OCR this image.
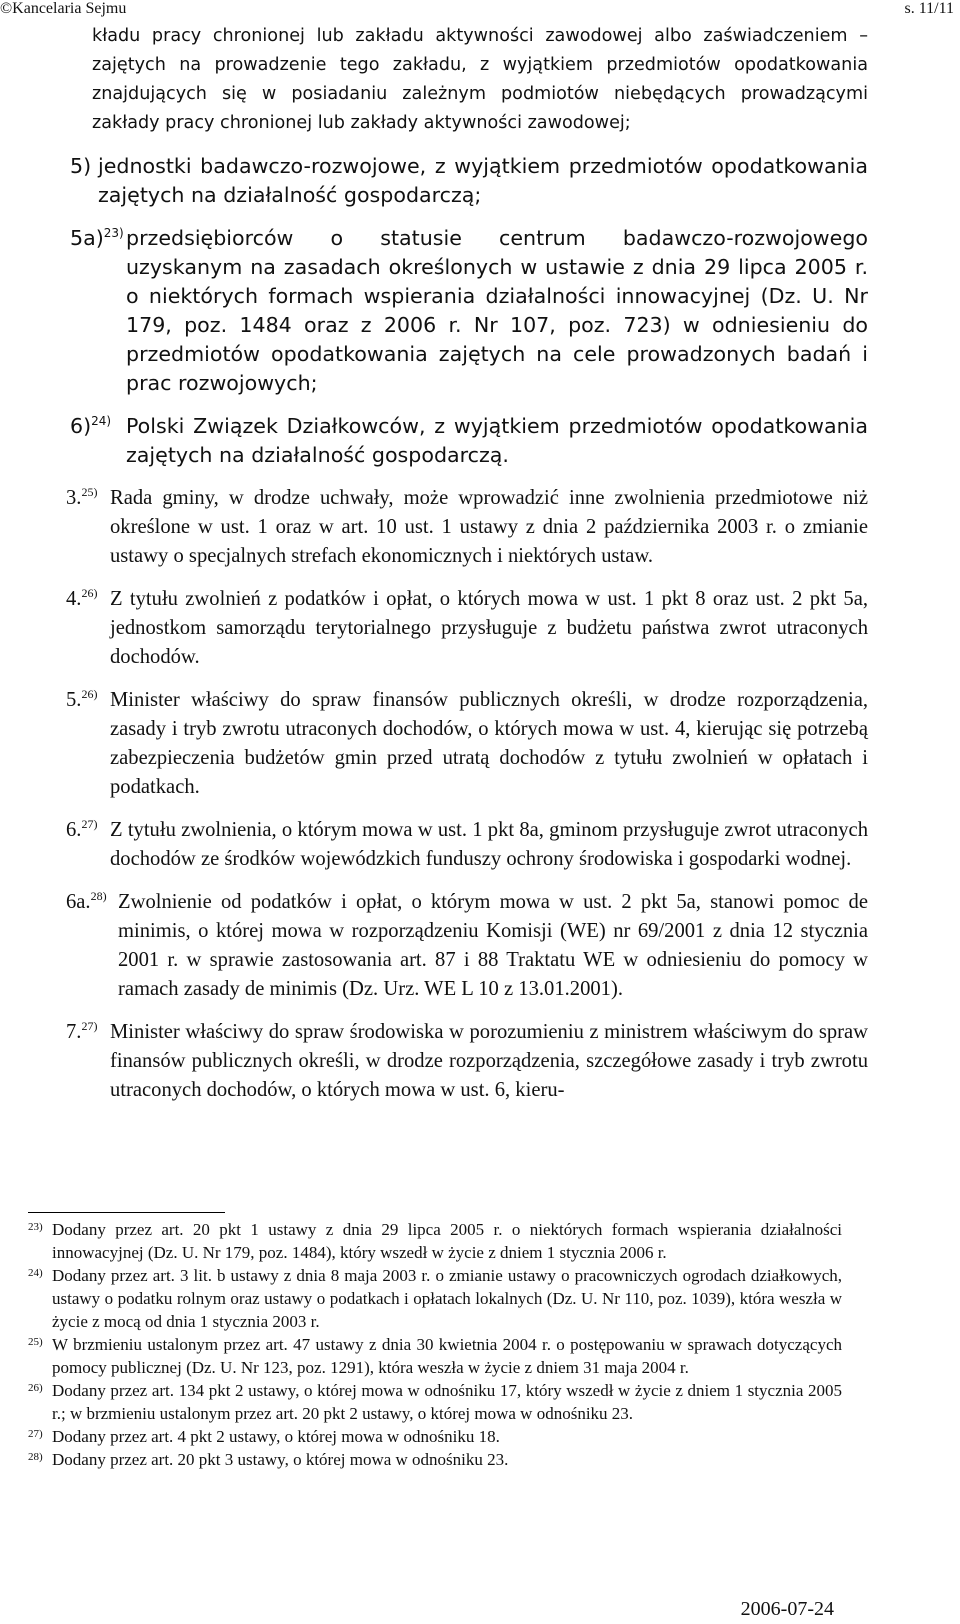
©Kancelaria Sejmu	s. 11/11

kładu pracy chronionej lub zakładu aktywności zawodowej albo zaświadczeniem – zajętych na prowadzenie tego zakładu, z wyjątkiem przedmiotów opodatkowania znajdujących się w posiadaniu zależnym podmiotów niebędących prowadzącymi zakłady pracy chronionej lub zakłady aktywności zawodowej;

5) jednostki badawczo-rozwojowe, z wyjątkiem przedmiotów opodatkowania zajętych na działalność gospodarczą;
5a)$^{23)}$ przedsiębiorców o statusie centrum badawczo-rozwojowego uzyskanym na zasadach określonych w ustawie z dnia 29 lipca 2005 r. o niektórych formach wspierania działalności innowacyjnej (Dz. U. Nr 179, poz. 1484 oraz z 2006 r. Nr 107, poz. 723) w odniesieniu do przedmiotów opodatkowania zajętych na cele prowadzonych badań i prac rozwojowych;
6)$^{24)}$ Polski Związek Działkowców, z wyjątkiem przedmiotów opodatkowania zajętych na działalność gospodarczą.
3.$^{25)}$ Rada gminy, w drodze uchwały, może wprowadzić inne zwolnienia przedmiotowe niż określone w ust. 1 oraz w art. 10 ust. 1 ustawy z dnia 2 października 2003 r. o zmianie ustawy o specjalnych strefach ekonomicznych i niektórych ustaw.
4.$^{26)}$ Z tytułu zwolnień z podatków i opłat, o których mowa w ust. 1 pkt 8 oraz ust. 2 pkt 5a, jednostkom samorządu terytorialnego przysługuje z budżetu państwa zwrot utraconych dochodów.
5.$^{26)}$ Minister właściwy do spraw finansów publicznych określi, w drodze rozporządzenia, zasady i tryb zwrotu utraconych dochodów, o których mowa w ust. 4, kierując się potrzebą zabezpieczenia budżetów gmin przed utratą dochodów z tytułu zwolnień w opłatach i podatkach.
6.$^{27)}$ Z tytułu zwolnienia, o którym mowa w ust. 1 pkt 8a, gminom przysługuje zwrot utraconych dochodów ze środków wojewódzkich funduszy ochrony środowiska i gospodarki wodnej.
6a.$^{28)}$ Zwolnienie od podatków i opłat, o którym mowa w ust. 2 pkt 5a, stanowi pomoc de minimis, o której mowa w rozporządzeniu Komisji (WE) nr 69/2001 z dnia 12 stycznia 2001 r. w sprawie zastosowania art. 87 i 88 Traktatu WE w odniesieniu do pomocy w ramach zasady de minimis (Dz. Urz. WE L 10 z 13.01.2001).
7.$^{27)}$ Minister właściwy do spraw środowiska w porozumieniu z ministrem właściwym do spraw finansów publicznych określi, w drodze rozporządzenia, szczegółowe zasady i tryb zwrotu utraconych dochodów, o których mowa w ust. 6, kieru-
23) Dodany przez art. 20 pkt 1 ustawy z dnia 29 lipca 2005 r. o niektórych formach wspierania działalności innowacyjnej (Dz. U. Nr 179, poz. 1484), który wszedł w życie z dniem 1 stycznia 2006 r.
24) Dodany przez art. 3 lit. b ustawy z dnia 8 maja 2003 r. o zmianie ustawy o pracowniczych ogrodach działkowych, ustawy o podatku rolnym oraz ustawy o podatkach i opłatach lokalnych (Dz. U. Nr 110, poz. 1039), która weszła w życie z mocą od dnia 1 stycznia 2003 r.
25) W brzmieniu ustalonym przez art. 47 ustawy z dnia 30 kwietnia 2004 r. o postępowaniu w sprawach dotyczących pomocy publicznej (Dz. U. Nr 123, poz. 1291), która weszła w życie z dniem 31 maja 2004 r.
26) Dodany przez art. 134 pkt 2 ustawy, o której mowa w odnośniku 17, który wszedł w życie z dniem 1 stycznia 2005 r.; w brzmieniu ustalonym przez art. 20 pkt 2 ustawy, o której mowa w odnośniku 23.
27) Dodany przez art. 4 pkt 2 ustawy, o której mowa w odnośniku 18.
28) Dodany przez art. 20 pkt 3 ustawy, o której mowa w odnośniku 23.
2006-07-24
